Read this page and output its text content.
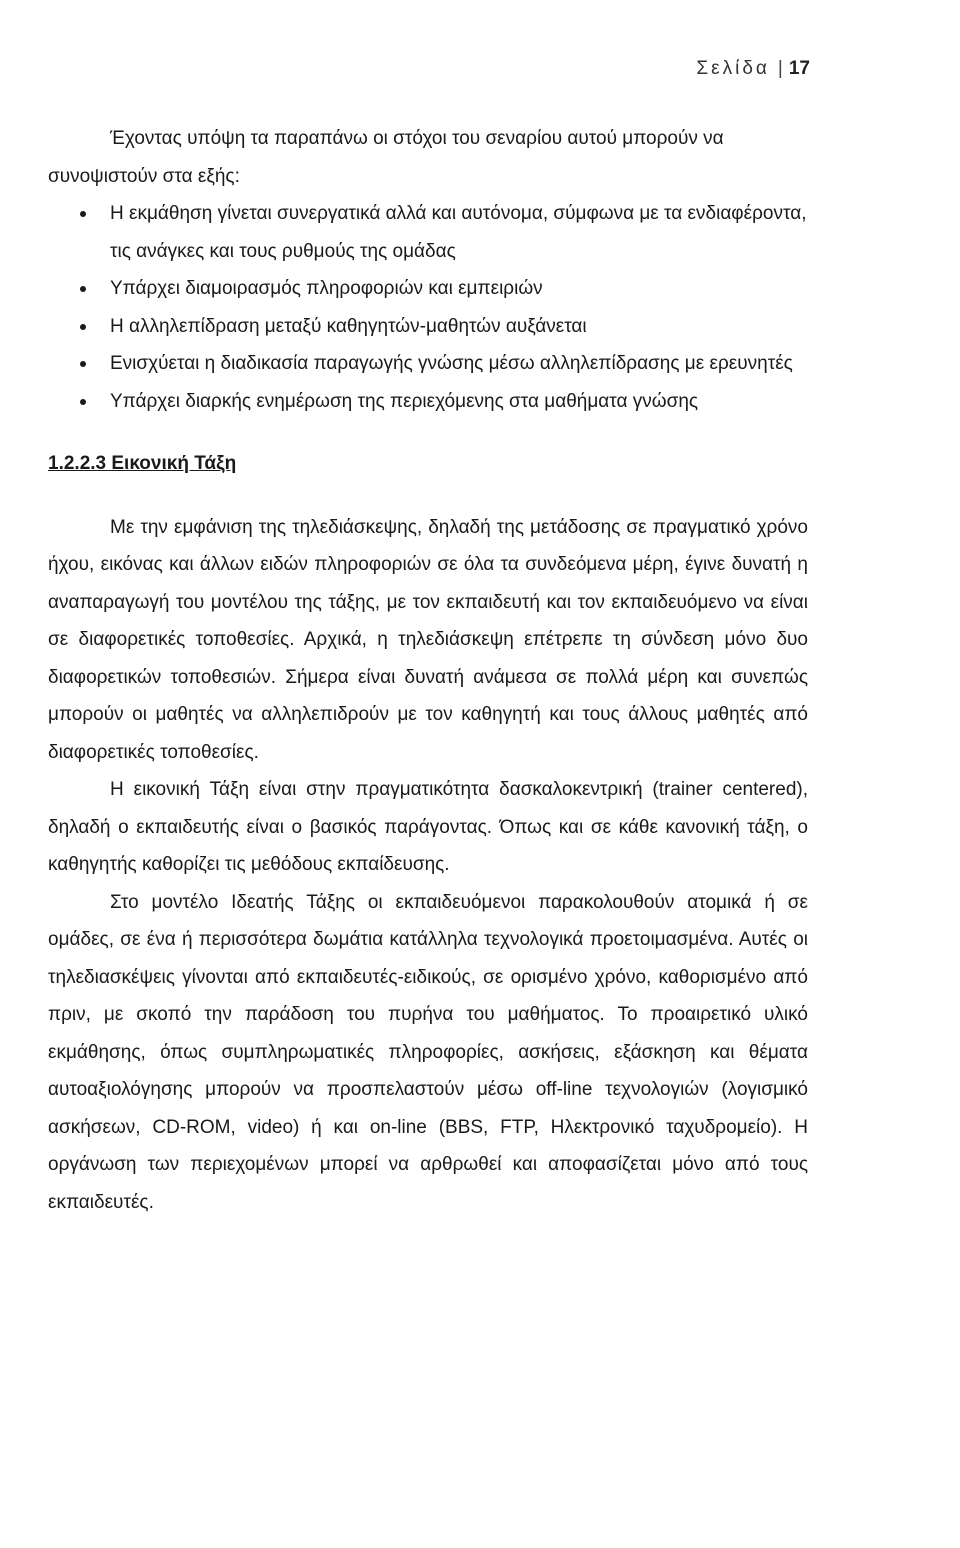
Σελίδα | 17

Έχοντας υπόψη τα παραπάνω οι στόχοι του σεναρίου αυτού μπορούν να συνοψιστούν στα εξής:

Η εκμάθηση γίνεται συνεργατικά αλλά και αυτόνομα, σύμφωνα με τα ενδιαφέροντα, τις ανάγκες και τους ρυθμούς της ομάδας
Υπάρχει διαμοιρασμός πληροφοριών και εμπειριών
Η αλληλεπίδραση μεταξύ καθηγητών-μαθητών αυξάνεται
Ενισχύεται η διαδικασία παραγωγής γνώσης μέσω αλληλεπίδρασης με ερευνητές
Υπάρχει διαρκής ενημέρωση της περιεχόμενης στα μαθήματα γνώσης
1.2.2.3 Εικονική Τάξη

Με την εμφάνιση της τηλεδιάσκεψης, δηλαδή της μετάδοσης σε πραγματικό χρόνο ήχου, εικόνας και άλλων ειδών πληροφοριών σε όλα τα συνδεόμενα μέρη, έγινε δυνατή η αναπαραγωγή του μοντέλου της τάξης, με τον εκπαιδευτή και τον εκπαιδευόμενο να είναι σε διαφορετικές τοποθεσίες. Αρχικά, η τηλεδιάσκεψη επέτρεπε τη σύνδεση μόνο δυο διαφορετικών τοποθεσιών. Σήμερα είναι δυνατή ανάμεσα σε πολλά μέρη και συνεπώς μπορούν οι μαθητές να αλληλεπιδρούν με τον καθηγητή και τους άλλους μαθητές από διαφορετικές τοποθεσίες.

Η εικονική Τάξη είναι στην πραγματικότητα δασκαλοκεντρική (trainer centered), δηλαδή ο εκπαιδευτής είναι ο βασικός παράγοντας. Όπως και σε κάθε κανονική τάξη, ο καθηγητής καθορίζει τις μεθόδους εκπαίδευσης.

Στο μοντέλο Ιδεατής Τάξης οι εκπαιδευόμενοι παρακολουθούν ατομικά ή σε ομάδες, σε ένα ή περισσότερα δωμάτια κατάλληλα τεχνολογικά προετοιμασμένα. Αυτές οι τηλεδιασκέψεις γίνονται από εκπαιδευτές-ειδικούς, σε ορισμένο χρόνο, καθορισμένο από πριν, με σκοπό την παράδοση του πυρήνα του μαθήματος. Το προαιρετικό υλικό εκμάθησης, όπως συμπληρωματικές πληροφορίες, ασκήσεις, εξάσκηση και θέματα αυτοαξιολόγησης μπορούν να προσπελαστούν μέσω off-line τεχνολογιών (λογισμικό ασκήσεων, CD-ROM, video) ή και on-line (BBS, FTP, Ηλεκτρονικό ταχυδρομείο). Η οργάνωση των περιεχομένων μπορεί να αρθρωθεί και αποφασίζεται μόνο από τους εκπαιδευτές.
